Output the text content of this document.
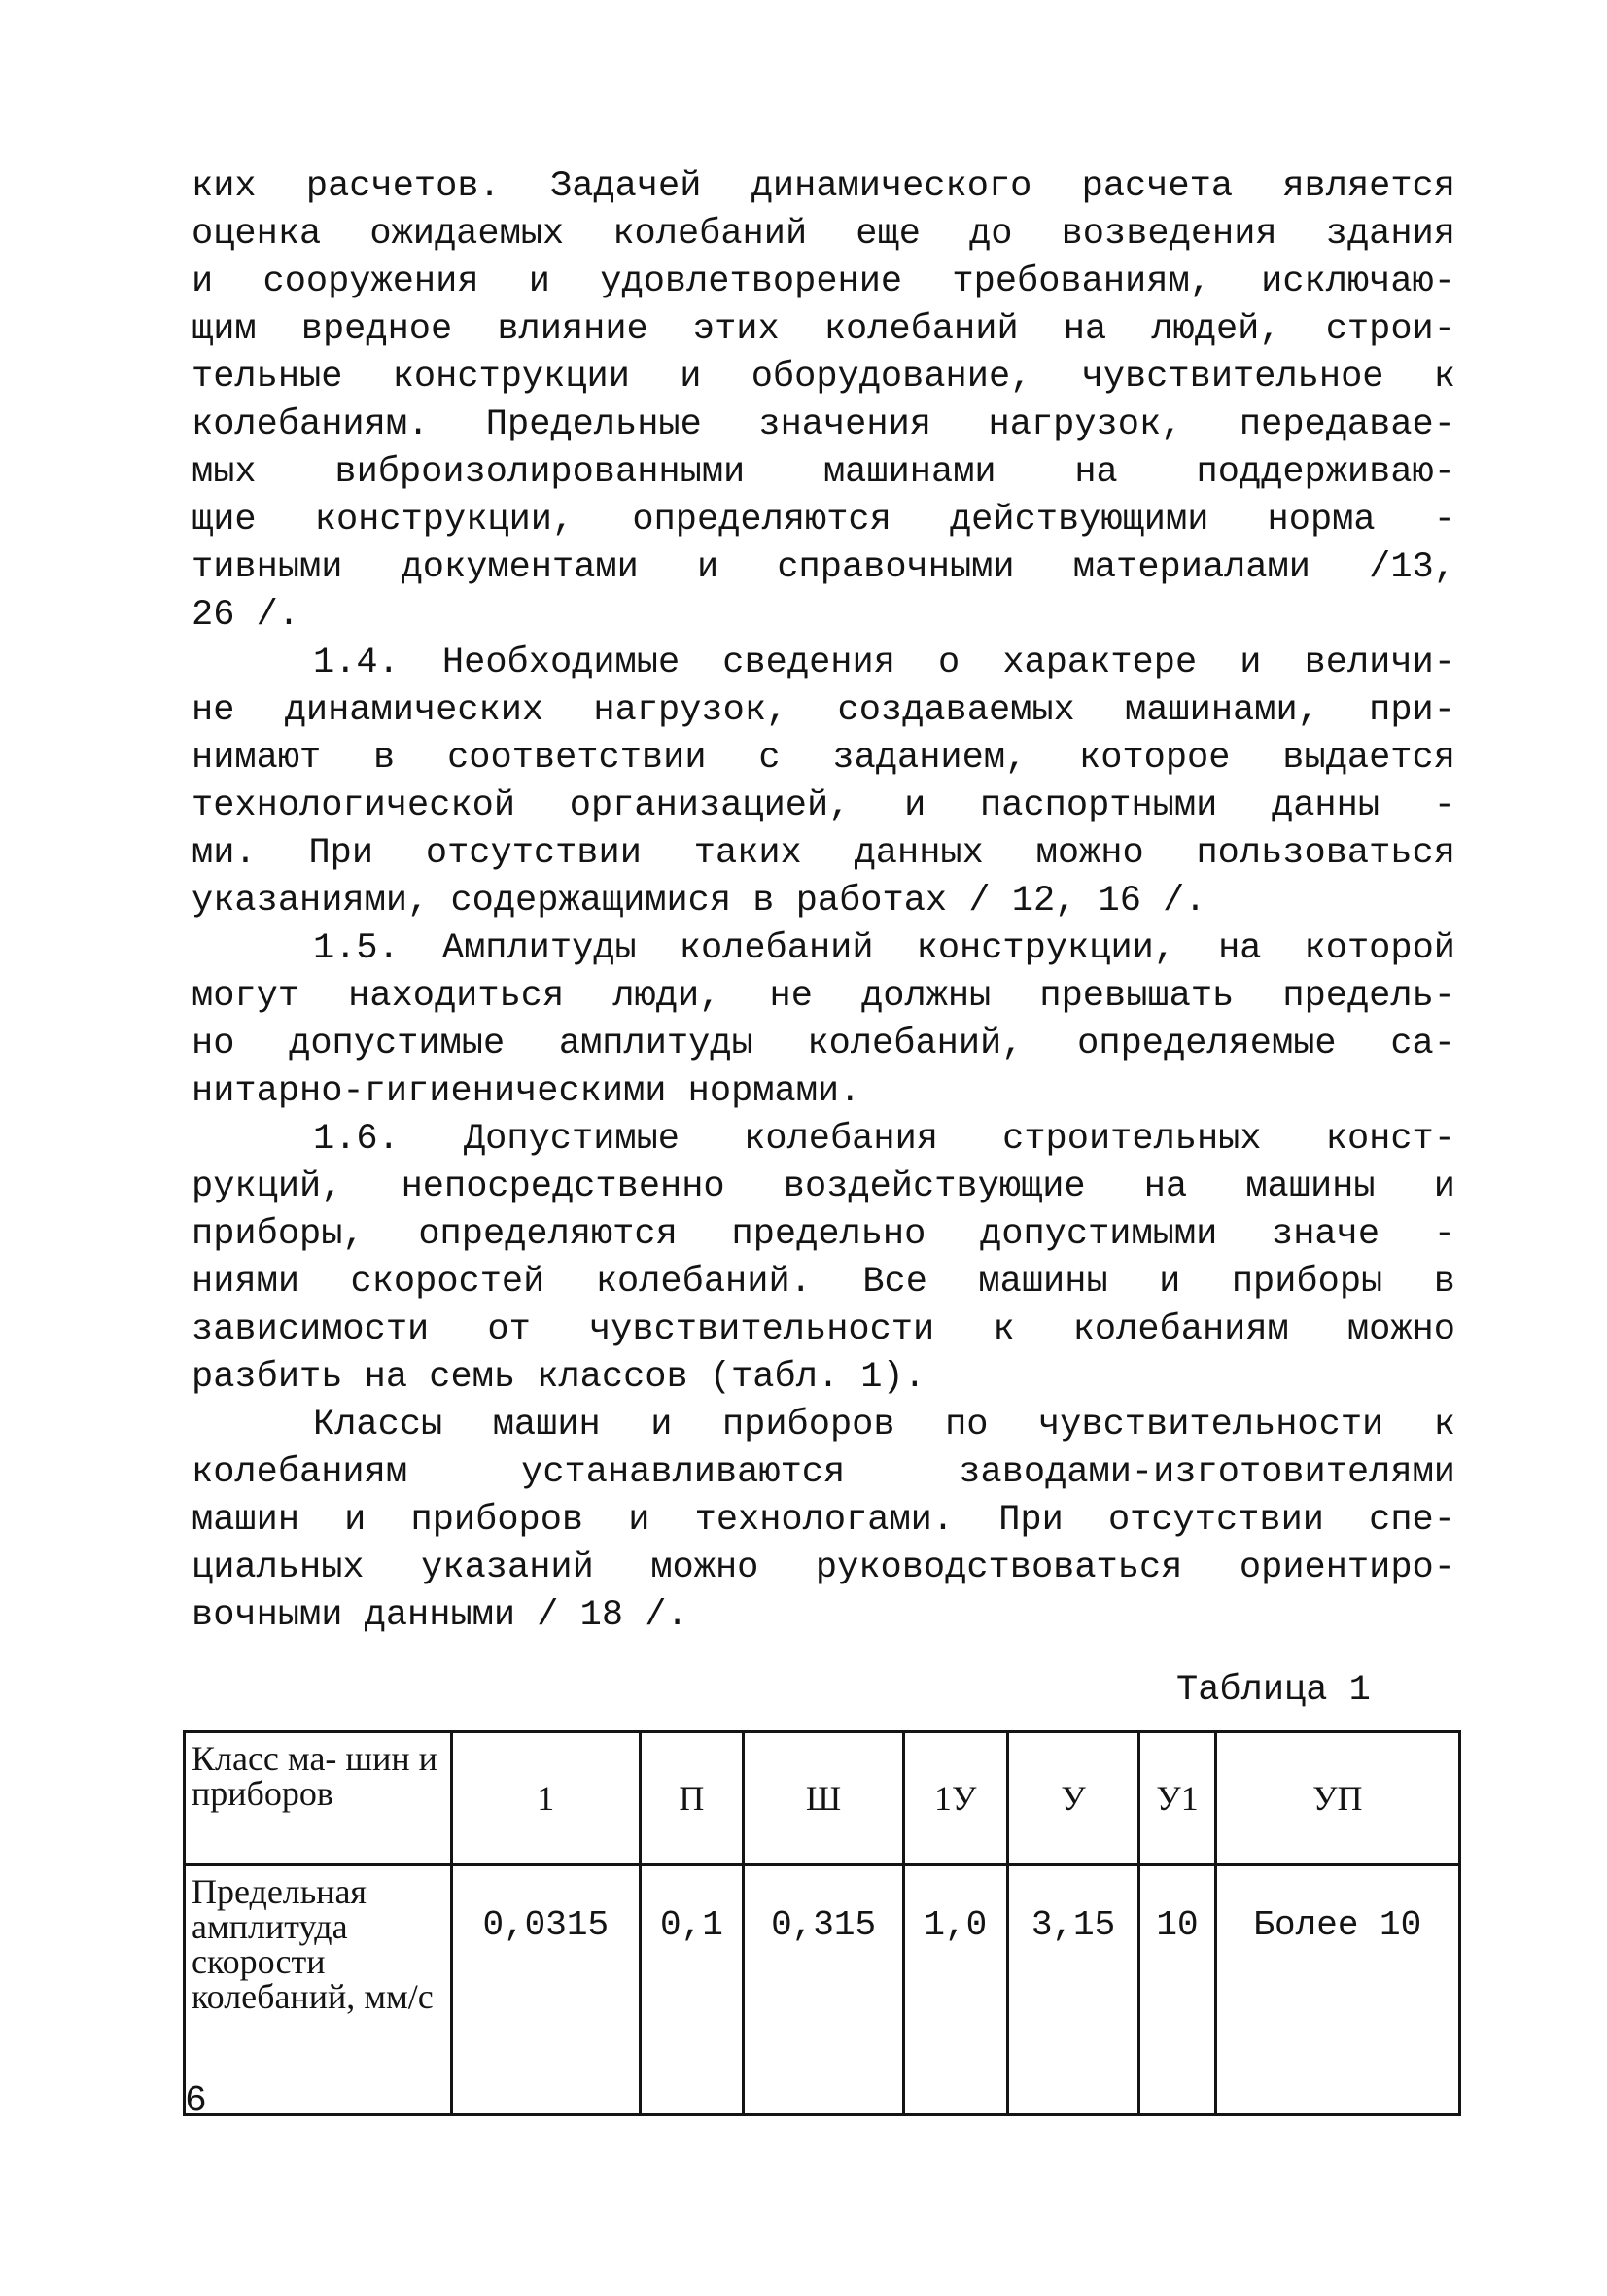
ких расчетов. Задачей динамического расчета является
оценка ожидаемых колебаний еще до возведения здания
и сооружения и удовлетворение требованиям, исключаю-
щим вредное влияние этих колебаний на людей, строи-
тельные конструкции и оборудование, чувствительное к
колебаниям. Предельные значения нагрузок, передавае-
мых виброизолированными машинами на поддерживаю-
щие конструкции, определяются действующими норма -
тивными документами и справочными материалами /13,
26 /.
1.4. Необходимые сведения о характере и величи-
не динамических нагрузок, создаваемых машинами, при-
нимают в соответствии с заданием, которое выдается
технологической организацией, и паспортными данны -
ми. При отсутствии таких данных можно пользоваться
указаниями, содержащимися в работах / 12, 16 /.
1.5. Амплитуды колебаний конструкции, на которой
могут находиться люди, не должны превышать предель-
но допустимые амплитуды колебаний, определяемые са-
нитарно-гигиеническими нормами.
1.6. Допустимые колебания строительных конст-
рукций, непосредственно воздействующие на машины и
приборы, определяются предельно допустимыми значе -
ниями скоростей колебаний. Все машины и приборы в
зависимости от чувствительности к колебаниям можно
разбить на семь классов (табл. 1).
Классы машин и приборов по чувствительности к
колебаниям	устанавливаются	заводами-изготовителями
машин и приборов и технологами. При отсутствии спе-
циальных указаний можно руководствоваться ориентиро-
вочными данными / 18 /.
Таблица 1
Класс ма- шин и приборов	1	П	Ш	1У	У	У1	УП
Предельная амплитуда скорости колебаний, мм/с	0,0315	0,1	0,315	1,0	3,15	10	Более 10
6
